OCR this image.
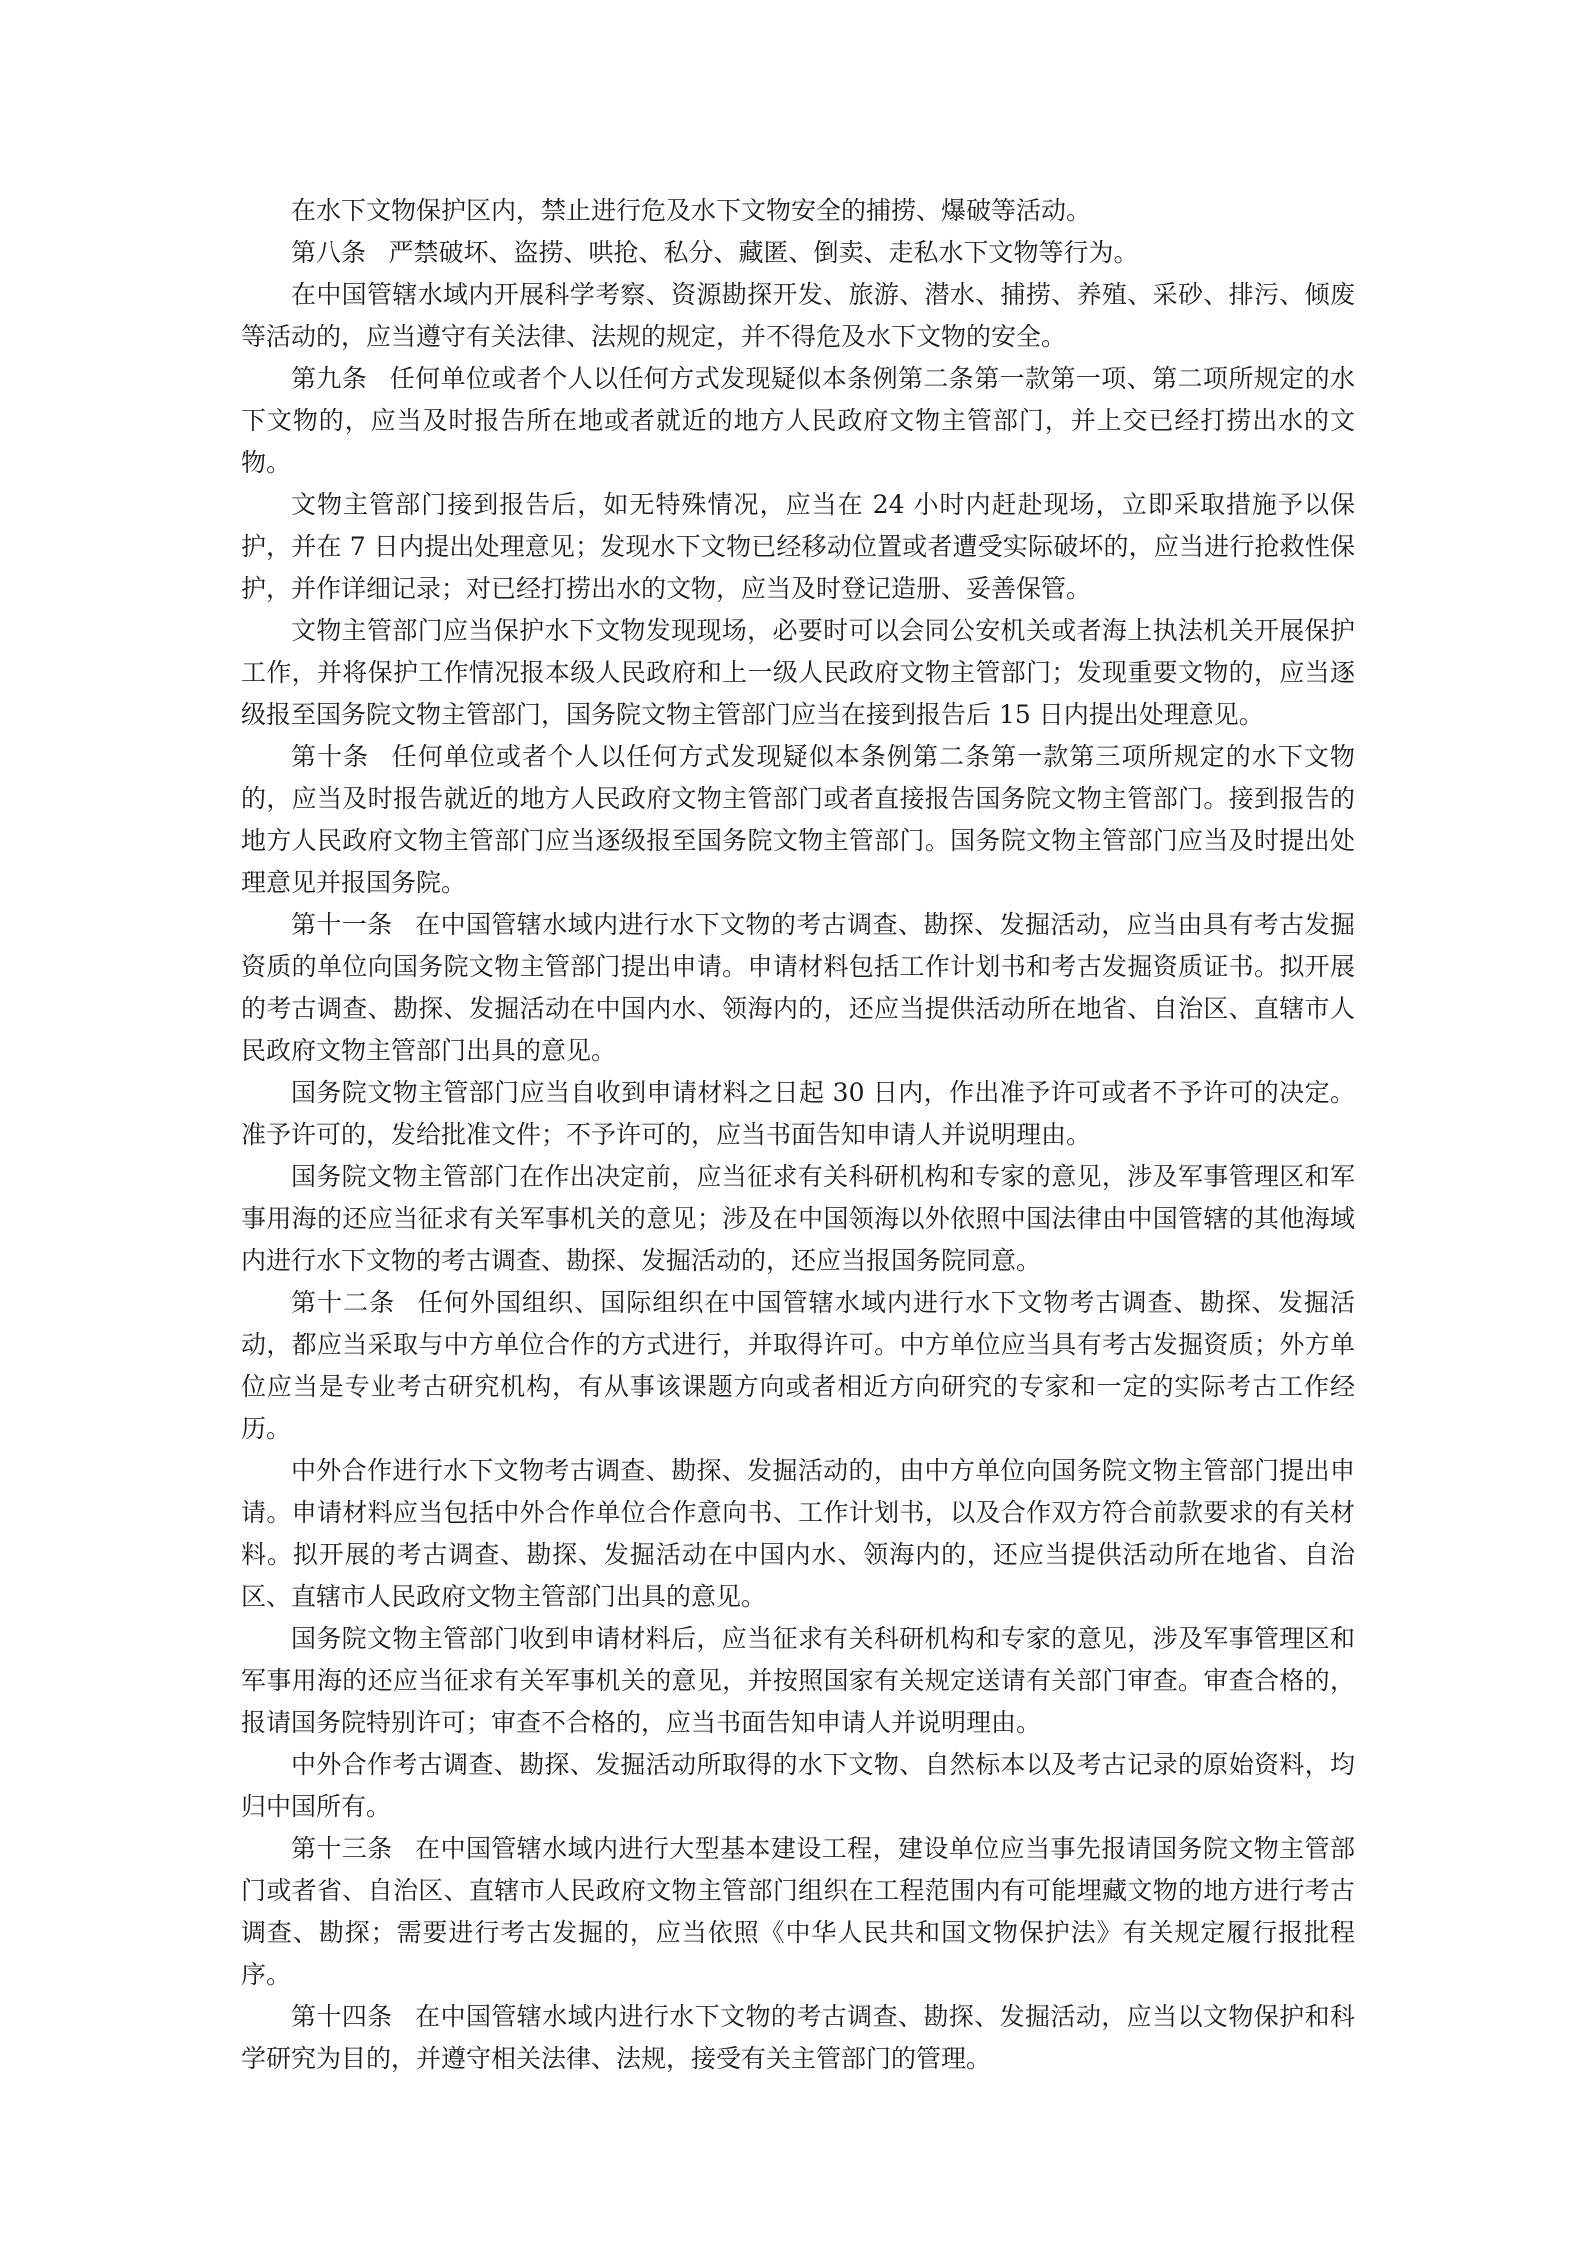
在水下文物保护区内，禁止进行危及水下文物安全的捕捞、爆破等活动。

第八条 严禁破坏、盗捞、哄抢、私分、藏匿、倒卖、走私水下文物等行为。

在中国管辖水域内开展科学考察、资源勘探开发、旅游、潜水、捕捞、养殖、采砂、排污、倾废等活动的，应当遵守有关法律、法规的规定，并不得危及水下文物的安全。

第九条 任何单位或者个人以任何方式发现疑似本条例第二条第一款第一项、第二项所规定的水下文物的，应当及时报告所在地或者就近的地方人民政府文物主管部门，并上交已经打捞出水的文物。

文物主管部门接到报告后，如无特殊情况，应当在 24 小时内赶赴现场，立即采取措施予以保护，并在 7 日内提出处理意见；发现水下文物已经移动位置或者遭受实际破坏的，应当进行抢救性保护，并作详细记录；对已经打捞出水的文物，应当及时登记造册、妥善保管。

文物主管部门应当保护水下文物发现现场，必要时可以会同公安机关或者海上执法机关开展保护工作，并将保护工作情况报本级人民政府和上一级人民政府文物主管部门；发现重要文物的，应当逐级报至国务院文物主管部门，国务院文物主管部门应当在接到报告后 15 日内提出处理意见。

第十条 任何单位或者个人以任何方式发现疑似本条例第二条第一款第三项所规定的水下文物的，应当及时报告就近的地方人民政府文物主管部门或者直接报告国务院文物主管部门。接到报告的地方人民政府文物主管部门应当逐级报至国务院文物主管部门。国务院文物主管部门应当及时提出处理意见并报国务院。

第十一条 在中国管辖水域内进行水下文物的考古调查、勘探、发掘活动，应当由具有考古发掘资质的单位向国务院文物主管部门提出申请。申请材料包括工作计划书和考古发掘资质证书。拟开展的考古调查、勘探、发掘活动在中国内水、领海内的，还应当提供活动所在地省、自治区、直辖市人民政府文物主管部门出具的意见。

国务院文物主管部门应当自收到申请材料之日起 30 日内，作出准予许可或者不予许可的决定。准予许可的，发给批准文件；不予许可的，应当书面告知申请人并说明理由。

国务院文物主管部门在作出决定前，应当征求有关科研机构和专家的意见，涉及军事管理区和军事用海的还应当征求有关军事机关的意见；涉及在中国领海以外依照中国法律由中国管辖的其他海域内进行水下文物的考古调查、勘探、发掘活动的，还应当报国务院同意。

第十二条 任何外国组织、国际组织在中国管辖水域内进行水下文物考古调查、勘探、发掘活动，都应当采取与中方单位合作的方式进行，并取得许可。中方单位应当具有考古发掘资质；外方单位应当是专业考古研究机构，有从事该课题方向或者相近方向研究的专家和一定的实际考古工作经历。

中外合作进行水下文物考古调查、勘探、发掘活动的，由中方单位向国务院文物主管部门提出申请。申请材料应当包括中外合作单位合作意向书、工作计划书，以及合作双方符合前款要求的有关材料。拟开展的考古调查、勘探、发掘活动在中国内水、领海内的，还应当提供活动所在地省、自治区、直辖市人民政府文物主管部门出具的意见。

国务院文物主管部门收到申请材料后，应当征求有关科研机构和专家的意见，涉及军事管理区和军事用海的还应当征求有关军事机关的意见，并按照国家有关规定送请有关部门审查。审查合格的，报请国务院特别许可；审查不合格的，应当书面告知申请人并说明理由。

中外合作考古调查、勘探、发掘活动所取得的水下文物、自然标本以及考古记录的原始资料，均归中国所有。

第十三条 在中国管辖水域内进行大型基本建设工程，建设单位应当事先报请国务院文物主管部门或者省、自治区、直辖市人民政府文物主管部门组织在工程范围内有可能埋藏文物的地方进行考古调查、勘探；需要进行考古发掘的，应当依照《中华人民共和国文物保护法》有关规定履行报批程序。

第十四条 在中国管辖水域内进行水下文物的考古调查、勘探、发掘活动，应当以文物保护和科学研究为目的，并遵守相关法律、法规，接受有关主管部门的管理。
